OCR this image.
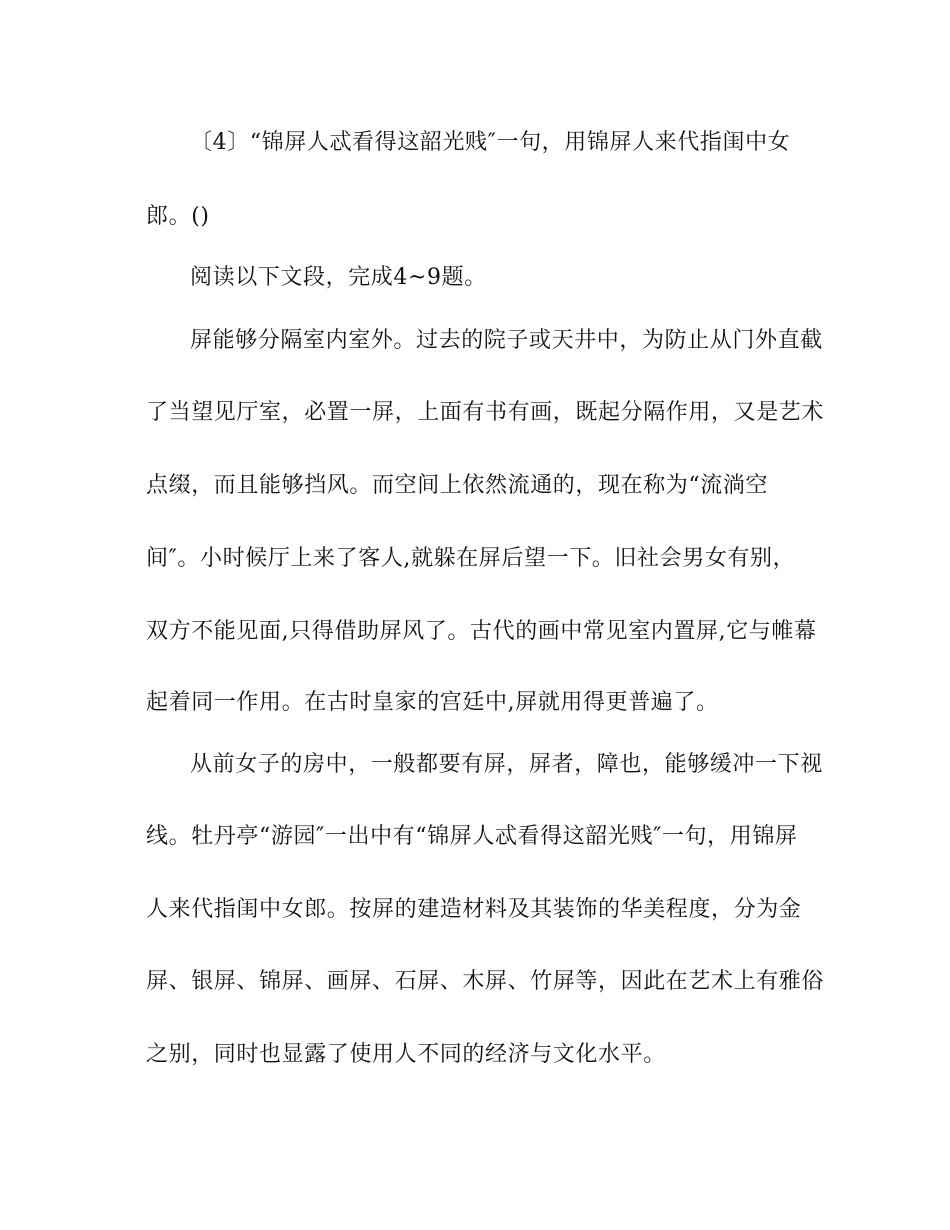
〔4〕“锦屏人忒看得这韶光贱″一句，用锦屏人来代指闺中女
郎。()
阅读以下文段，完成4~9题。
屏能够分隔室内室外。过去的院子或天井中，为防止从门外直截
了当望见厅室，必置一屏，上面有书有画，既起分隔作用，又是艺术
点缀，而且能够挡风。而空间上依然流通的，现在称为“流淌空
间″。小时候厅上来了客人,就躲在屏后望一下。旧社会男女有别，
双方不能见面,只得借助屏风了。古代的画中常见室内置屏,它与帷幕
起着同一作用。在古时皇家的宫廷中,屏就用得更普遍了。
从前女子的房中，一般都要有屏，屏者，障也，能够缓冲一下视
线。牡丹亭“游园″一出中有“锦屏人忒看得这韶光贱″一句，用锦屏
人来代指闺中女郎。按屏的建造材料及其装饰的华美程度，分为金
屏、银屏、锦屏、画屏、石屏、木屏、竹屏等，因此在艺术上有雅俗
之别，同时也显露了使用人不同的经济与文化水平。
